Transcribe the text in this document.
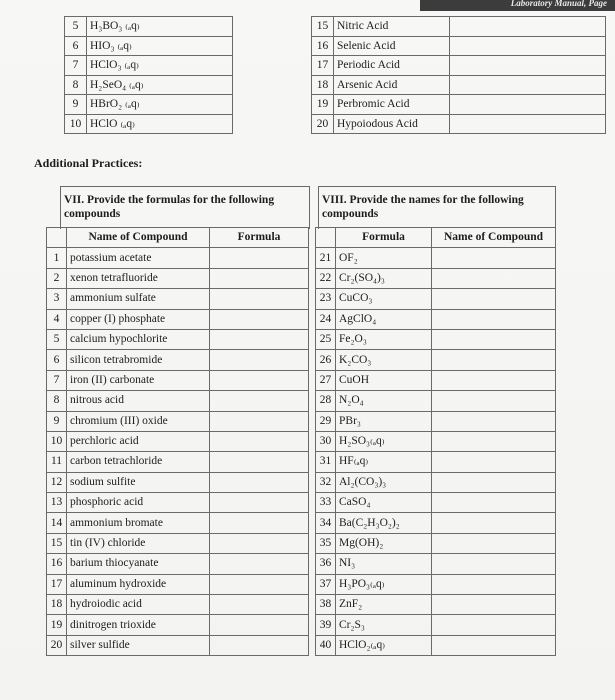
Laboratory Manual, Page
5	H₃BO₃ ₍ₐq₎
6	HIO₃ ₍ₐq₎
7	HClO₃ ₍ₐq₎
8	H₂SeO₄ ₍ₐq₎
9	HBrO₂ ₍ₐq₎
10	HClO ₍ₐq₎
15	Nitric Acid	
16	Selenic Acid	
17	Periodic Acid	
18	Arsenic Acid	
19	Perbromic Acid	
20	Hypoiodous Acid	
Additional Practices:
VII. Provide the formulas for the following compounds
VIII. Provide the names for the following compounds
	Name of Compound	Formula
1	potassium acetate	
2	xenon tetrafluoride	
3	ammonium sulfate	
4	copper (I) phosphate	
5	calcium hypochlorite	
6	silicon tetrabromide	
7	iron (II) carbonate	
8	nitrous acid	
9	chromium (III) oxide	
10	perchloric acid	
11	carbon tetrachloride	
12	sodium sulfite	
13	phosphoric acid	
14	ammonium bromate	
15	tin (IV) chloride	
16	barium thiocyanate	
17	aluminum hydroxide	
18	hydroiodic acid	
19	dinitrogen trioxide	
20	silver sulfide	
	Formula	Name of Compound
21	OF₂	
22	Cr₂(SO₄)₃	
23	CuCO₃	
24	AgClO₄	
25	Fe₂O₃	
26	K₂CO₃	
27	CuOH	
28	N₂O₄	
29	PBr₃	
30	H₂SO₃₍ₐq₎	
31	HF₍ₐq₎	
32	Al₂(CO₃)₃	
33	CaSO₄	
34	Ba(C₂H₃O₂)₂	
35	Mg(OH)₂	
36	NI₃	
37	H₃PO₃₍ₐq₎	
38	ZnF₂	
39	Cr₂S₃	
40	HClO₂₍ₐq₎	
